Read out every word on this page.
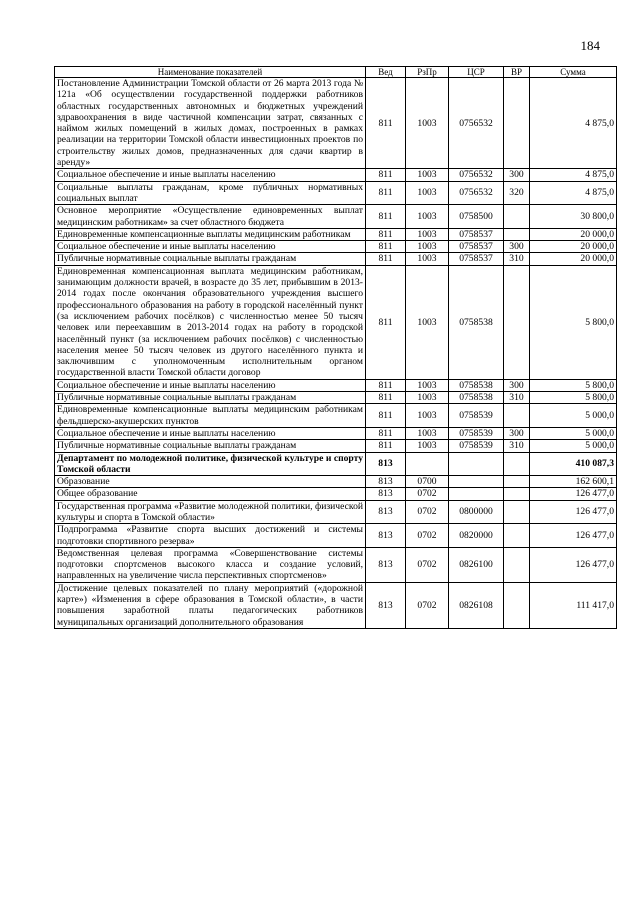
184
Наименование показателей	Вед	РзПр	ЦСР	ВР	Сумма
Постановление Администрации Томской области от 26 марта 2013 года № 121а «Об осуществлении государственной поддержки работников областных государственных автономных и бюджетных учреждений здравоохранения в виде частичной компенсации затрат, связанных с наймом жилых помещений в жилых домах, построенных в рамках реализации на территории Томской области инвестиционных проектов по строительству жилых домов, предназначенных для сдачи квартир в аренду»	811	1003	0756532		4 875,0
Социальное обеспечение и иные выплаты населению	811	1003	0756532	300	4 875,0
Социальные выплаты гражданам, кроме публичных нормативных социальных выплат	811	1003	0756532	320	4 875,0
Основное мероприятие «Осуществление единовременных выплат медицинским работникам» за счет областного бюджета	811	1003	0758500		30 800,0
Единовременные компенсационные выплаты медицинским работникам	811	1003	0758537		20 000,0
Социальное обеспечение и иные выплаты населению	811	1003	0758537	300	20 000,0
Публичные нормативные социальные выплаты гражданам	811	1003	0758537	310	20 000,0
Единовременная компенсационная выплата медицинским работникам, занимающим должности врачей, в возрасте до 35 лет, прибывшим в 2013-2014 годах после окончания образовательного учреждения высшего профессионального образования на работу в городской населённый пункт (за исключением рабочих посёлков) с численностью менее 50 тысяч человек или переехавшим в 2013-2014 годах на работу в городской населённый пункт (за исключением рабочих посёлков) с численностью населения менее 50 тысяч человек из другого населённого пункта и заключившим с уполномоченным исполнительным органом государственной власти Томской области договор	811	1003	0758538		5 800,0
Социальное обеспечение и иные выплаты населению	811	1003	0758538	300	5 800,0
Публичные нормативные социальные выплаты гражданам	811	1003	0758538	310	5 800,0
Единовременные компенсационные выплаты медицинским работникам фельдшерско-акушерских пунктов	811	1003	0758539		5 000,0
Социальное обеспечение и иные выплаты населению	811	1003	0758539	300	5 000,0
Публичные нормативные социальные выплаты гражданам	811	1003	0758539	310	5 000,0
Департамент по молодежной политике, физической культуре и спорту Томской области	813				410 087,3
Образование	813	0700			162 600,1
Общее образование	813	0702			126 477,0
Государственная программа «Развитие молодежной политики, физической культуры и спорта в Томской области»	813	0702	0800000		126 477,0
Подпрограмма «Развитие спорта высших достижений и системы подготовки спортивного резерва»	813	0702	0820000		126 477,0
Ведомственная целевая программа «Совершенствование системы подготовки спортсменов высокого класса и создание условий, направленных на увеличение числа перспективных спортсменов»	813	0702	0826100		126 477,0
Достижение целевых показателей по плану мероприятий («дорожной карте») «Изменения в сфере образования в Томской области», в части повышения заработной платы педагогических работников муниципальных организаций дополнительного образования	813	0702	0826108		111 417,0
